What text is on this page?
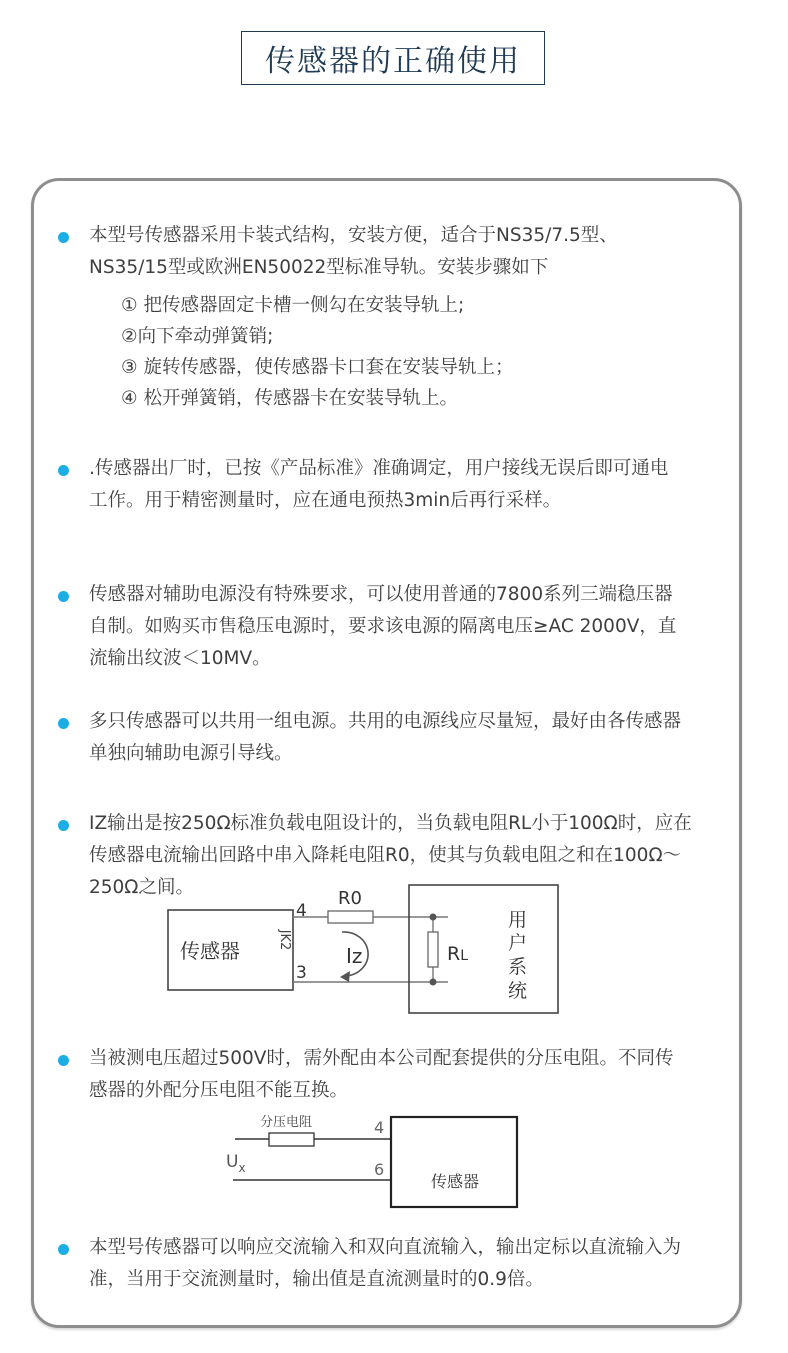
传感器的正确使用
本型号传感器采用卡装式结构，安装方便，适合于NS35/7.5型、
NS35/15型或欧洲EN50022型标准导轨。安装步骤如下
① 把传感器固定卡槽一侧勾在安装导轨上;
②向下牵动弹簧销;
③ 旋转传感器，使传感器卡口套在安装导轨上；
④ 松开弹簧销，传感器卡在安装导轨上。
.传感器出厂时，已按《产品标准》准确调定，用户接线无误后即可通电
工作。用于精密测量时，应在通电预热3min后再行采样。
传感器对辅助电源没有特殊要求，可以使用普通的7800系列三端稳压器
自制。如购买市售稳压电源时，要求该电源的隔离电压≥AC 2000V，直
流输出纹波＜10MV。
多只传感器可以共用一组电源。共用的电源线应尽量短，最好由各传感器
单独向辅助电源引导线。
IZ输出是按250Ω标准负载电阻设计的，当负载电阻RL小于100Ω时，应在
传感器电流输出回路中串入降耗电阻R0，使其与负载电阻之和在100Ω～
250Ω之间。
传感器	JK2
4
3
R0
Iz	RL
用
户
系
统
当被测电压超过500V时，需外配由本公司配套提供的分压电阻。不同传
感器的外配分压电阻不能互换。
分压电阻
$U_x$
4
6
传感器
本型号传感器可以响应交流输入和双向直流输入，输出定标以直流输入为
准，当用于交流测量时，输出值是直流测量时的0.9倍。
